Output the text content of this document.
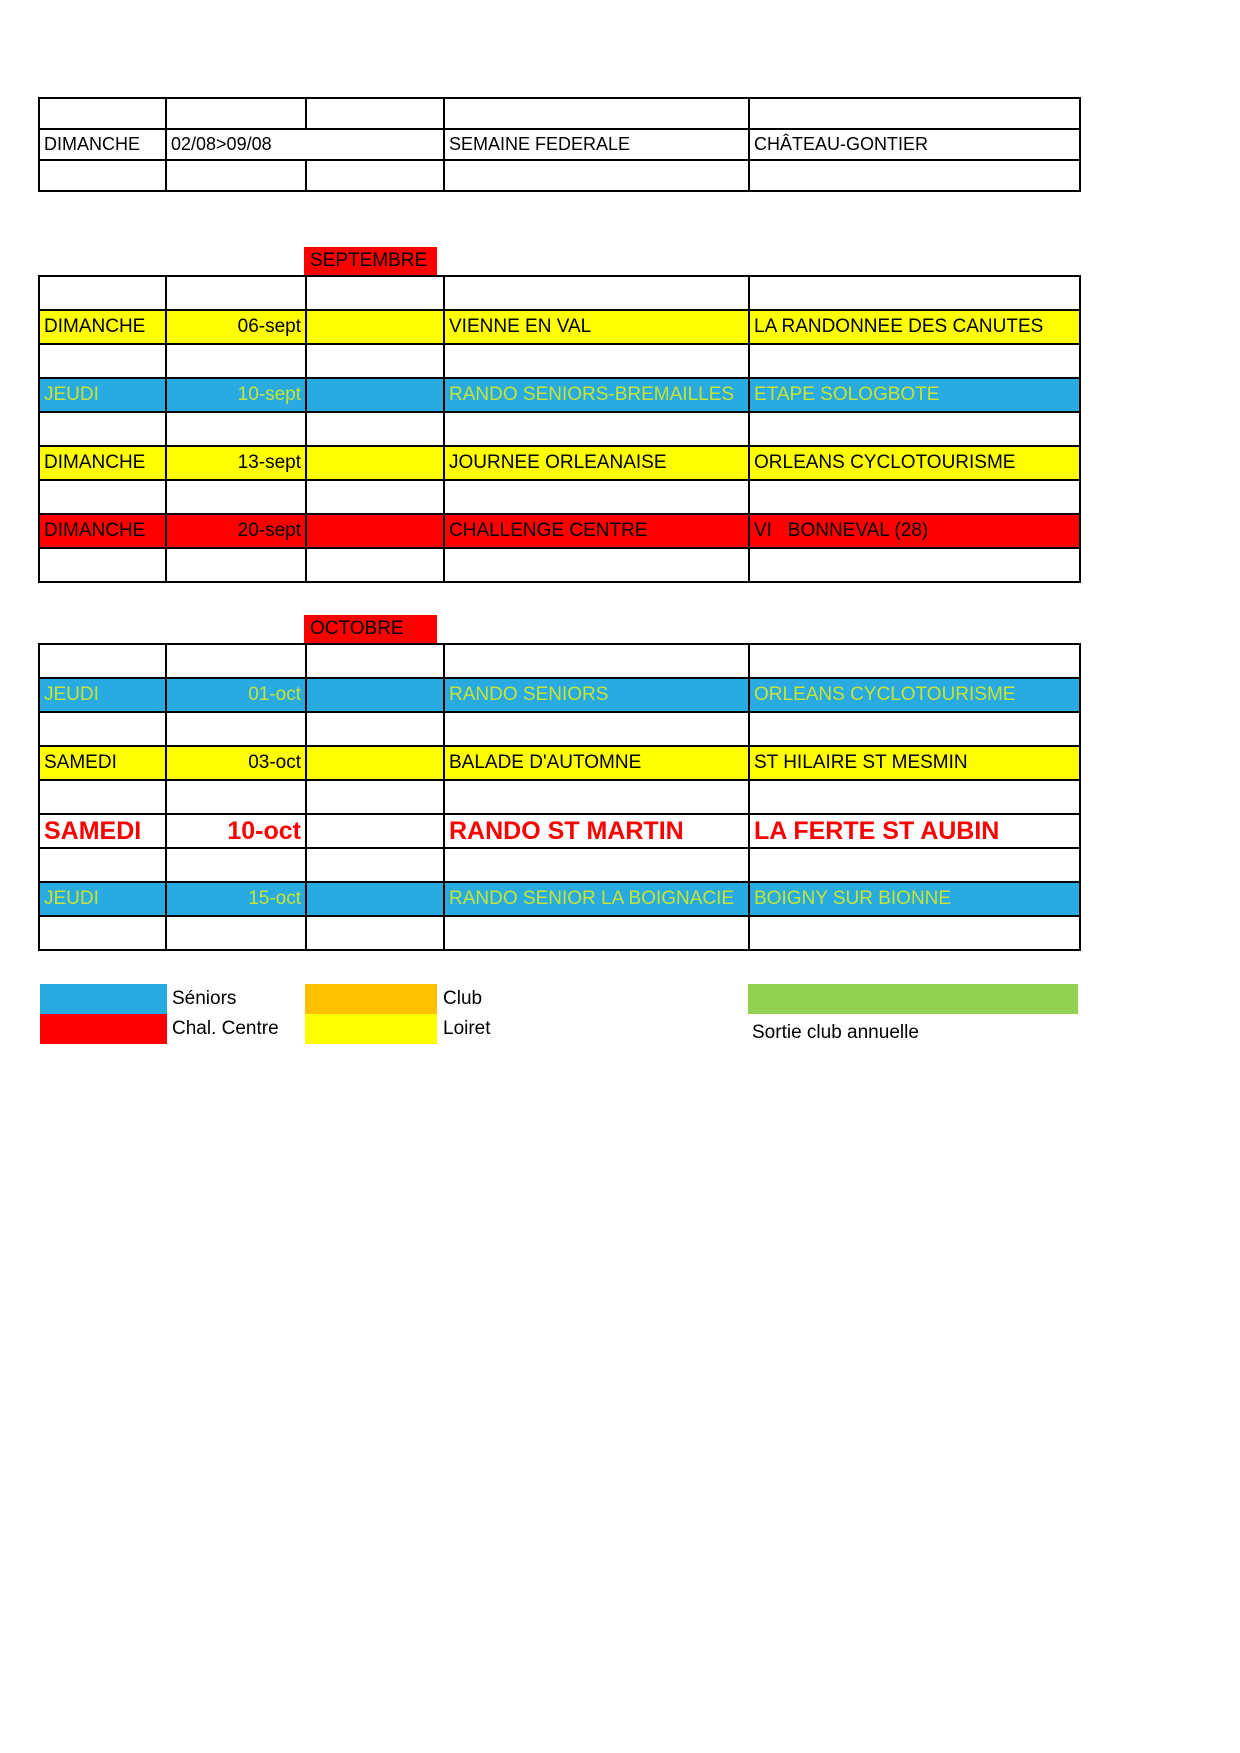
DIMANCHE	02/08>09/08		SEMAINE FEDERALE	CHÂTEAU-GONTIER

SEPTEMBRE

DIMANCHE	06-sept		VIENNE EN VAL	LA RANDONNEE DES CANUTES

JEUDI	10-sept		RANDO SENIORS-BREMAILLES	ETAPE SOLOGBOTE

DIMANCHE	13-sept		JOURNEE ORLEANAISE	ORLEANS CYCLOTOURISME

DIMANCHE	20-sept		CHALLENGE CENTRE	VI   BONNEVAL (28)

OCTOBRE

JEUDI	01-oct		RANDO SENIORS	ORLEANS CYCLOTOURISME

SAMEDI	03-oct		BALADE D'AUTOMNE	ST HILAIRE ST MESMIN

SAMEDI	10-oct		RANDO ST MARTIN	LA FERTE ST AUBIN

JEUDI	15-oct		RANDO SENIOR LA BOIGNACIE	BOIGNY SUR BIONNE

Séniors
Chal. Centre
Club
Loiret	Sortie club annuelle
